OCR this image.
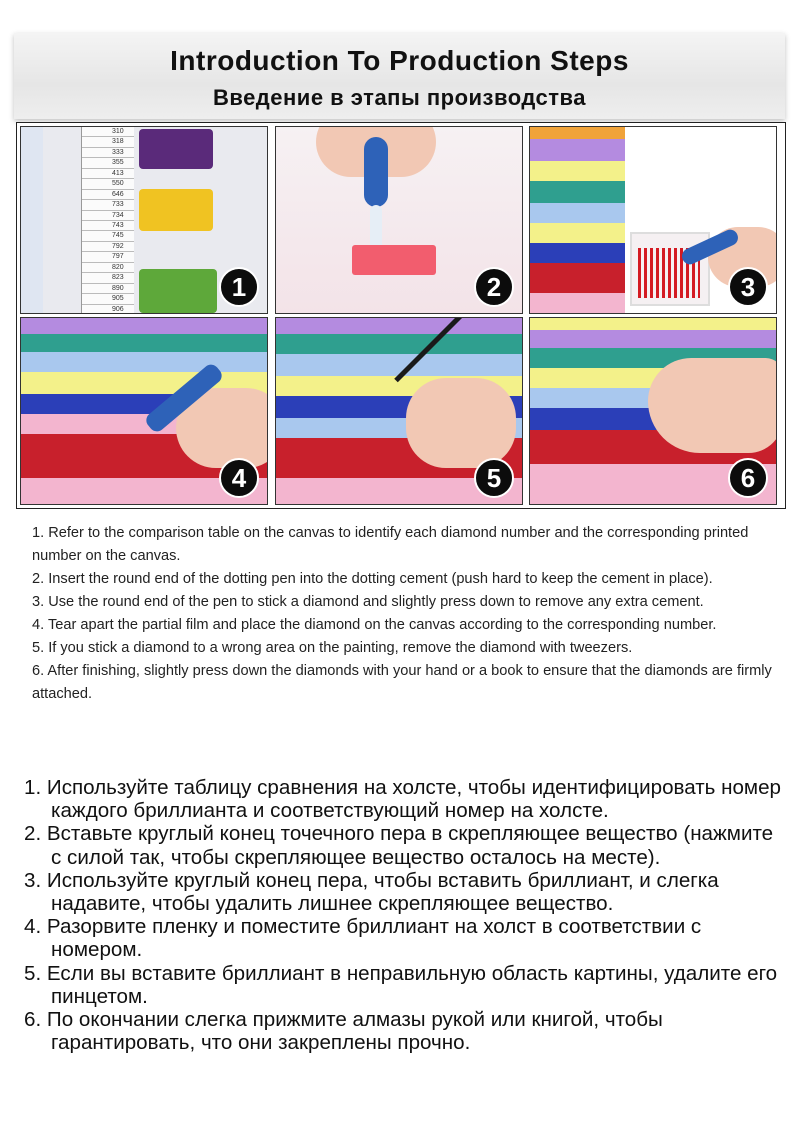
Introduction To Production Steps
Введение в этапы производства
310
318
333
355
413
550
646
733
734
743
745
792
797
820
823
890
905
906
1	2	3
4	5	6

1. Refer to the comparison table on the canvas to identify each diamond number and the corresponding printed number on the canvas.

2. Insert the round end of the dotting pen into the dotting cement (push hard to keep the cement in place).

3. Use the round end of the pen to stick a diamond and slightly press down to remove any extra cement.

4. Tear apart the partial film and place the diamond on the canvas according to the corresponding number.

5. If you stick a diamond to a wrong area on the painting, remove the diamond with tweezers.

6. After finishing, slightly press down the diamonds with your hand or a book to ensure that the diamonds are firmly attached.

1. Используйте таблицу сравнения на холсте, чтобы идентифицировать номер каждого бриллианта и соответствующий номер на холсте.

2. Вставьте круглый конец точечного пера в скрепляющее вещество (нажмите с силой так, чтобы скрепляющее вещество осталось на месте).

3. Используйте круглый конец пера, чтобы вставить бриллиант, и слегка надавите, чтобы удалить лишнее скрепляющее вещество.

4. Разорвите пленку и поместите бриллиант на холст в соответствии с номером.

5. Если вы вставите бриллиант в неправильную область картины, удалите его пинцетом.

6. По окончании слегка прижмите алмазы рукой или книгой, чтобы гарантировать, что они закреплены прочно.
